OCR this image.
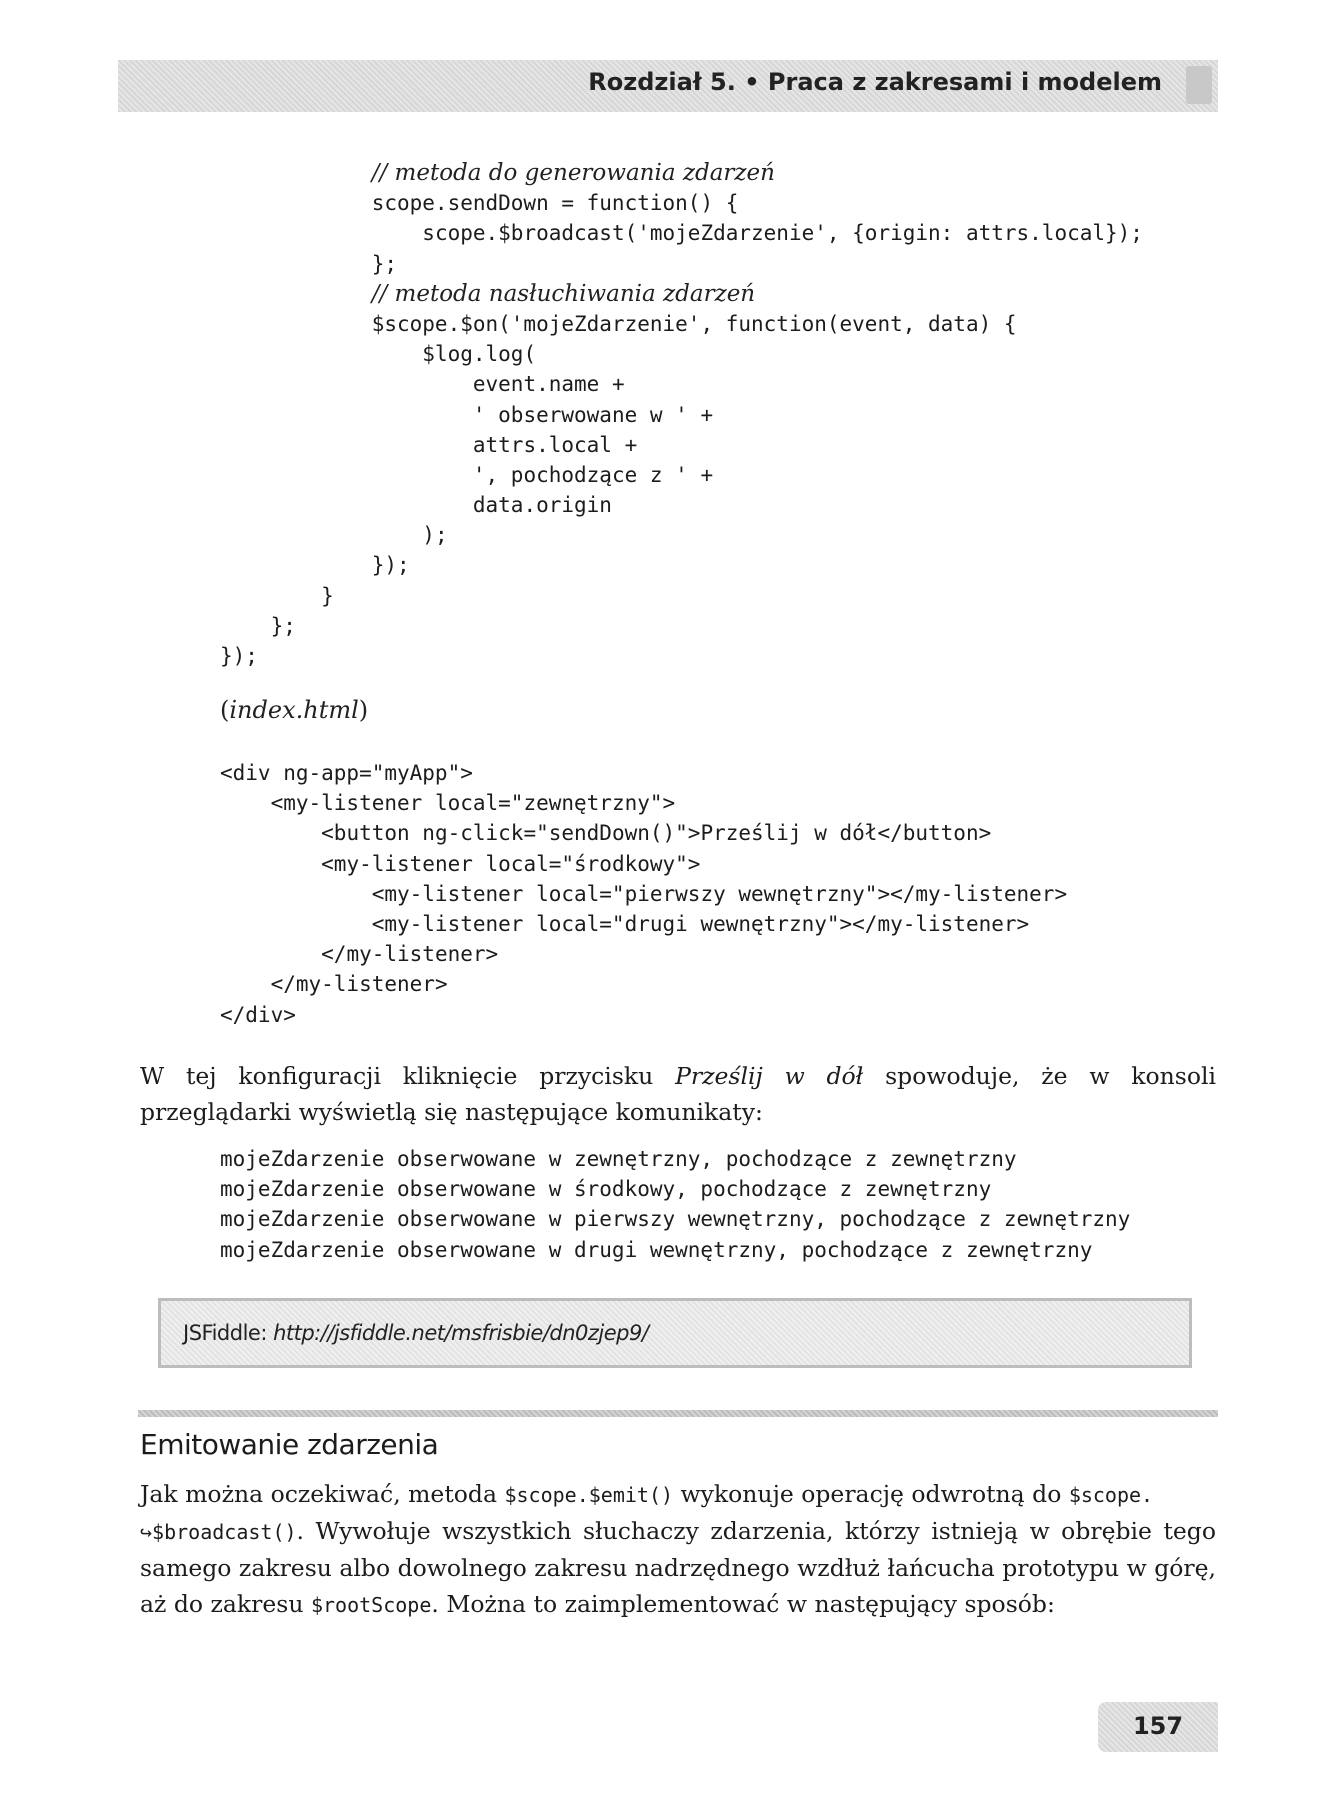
Rozdział 5. • Praca z zakresami i modelem
// metoda do generowania zdarzeń
scope.sendDown = function() {
scope.$broadcast('mojeZdarzenie', {origin: attrs.local});
};
// metoda nasłuchiwania zdarzeń
$scope.$on('mojeZdarzenie', function(event, data) {
$log.log(
event.name +
' obserwowane w ' +
attrs.local +
', pochodzące z ' +
data.origin
);
});
}
};
});
(index.html)
<div ng-app="myApp">
<my-listener local="zewnętrzny">
<button ng-click="sendDown()">Prześlij w dół</button>
<my-listener local="środkowy">
<my-listener local="pierwszy wewnętrzny"></my-listener>
<my-listener local="drugi wewnętrzny"></my-listener>
</my-listener>
</my-listener>
</div>
W tej konfiguracji kliknięcie przycisku Prześlij w dół spowoduje, że w konsoli przeglądarki wyświetlą się następujące komunikaty:
mojeZdarzenie obserwowane w zewnętrzny, pochodzące z zewnętrzny
mojeZdarzenie obserwowane w środkowy, pochodzące z zewnętrzny
mojeZdarzenie obserwowane w pierwszy wewnętrzny, pochodzące z zewnętrzny
mojeZdarzenie obserwowane w drugi wewnętrzny, pochodzące z zewnętrzny
JSFiddle: http://jsfiddle.net/msfrisbie/dn0zjep9/
Emitowanie zdarzenia
Jak można oczekiwać, metoda $scope.$emit() wykonuje operację odwrotną do $scope.
↪$broadcast(). Wywołuje wszystkich słuchaczy zdarzenia, którzy istnieją w obrębie tego samego zakresu albo dowolnego zakresu nadrzędnego wzdłuż łańcucha prototypu w górę, aż do zakresu $rootScope. Można to zaimplementować w następujący sposób:
157
